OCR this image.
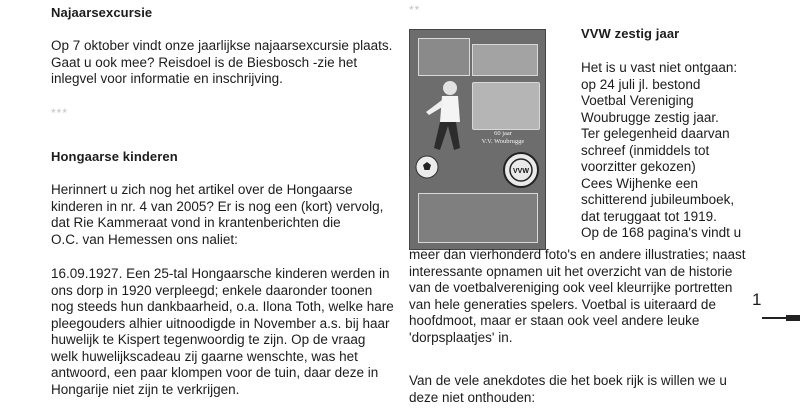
Najaarsexcursie
Op 7 oktober vindt onze jaarlijkse najaarsexcursie plaats.
Gaat u ook mee? Reisdoel is de Biesbosch -zie het
inlegvel voor informatie en inschrijving.
***
Hongaarse kinderen
Herinnert u zich nog het artikel over de Hongaarse
kinderen in nr. 4 van 2005? Er is nog een (kort) vervolg,
dat Rie Kammeraat vond in krantenberichten die
O.C. van Hemessen ons naliet:
16.09.1927. Een 25-tal Hongaarsche kinderen werden in
ons dorp in 1920 verpleegd; enkele daaronder toonen
nog steeds hun dankbaarheid, o.a. Ilona Toth, welke hare
pleegouders alhier uitnoodigde in November a.s. bij haar
huwelijk te Kispert tegenwoordig te zijn. Op de vraag
welk huwelijkscadeau zij gaarne wenschte, was het
antwoord, een paar klompen voor de tuin, daar deze in
Hongarije niet zijn te verkrijgen.
**
60 jaar
V.V. Woubrugge
VVW
VVW zestig jaar
Het is u vast niet ontgaan:
op 24 juli jl. bestond
Voetbal Vereniging
Woubrugge zestig jaar.
Ter gelegenheid daarvan
schreef (inmiddels tot
voorzitter gekozen)
Cees Wijhenke een
schitterend jubileumboek,
dat teruggaat tot 1919.
Op de 168 pagina's vindt u
meer dan vierhonderd foto's en andere illustraties; naast
interessante opnamen uit het overzicht van de historie
van de voetbalvereniging ook veel kleurrijke portretten
van hele generaties spelers. Voetbal is uiteraard de
hoofdmoot, maar er staan ook veel andere leuke
'dorpsplaatjes' in.
Van de vele anekdotes die het boek rijk is willen we u
deze niet onthouden:
1
